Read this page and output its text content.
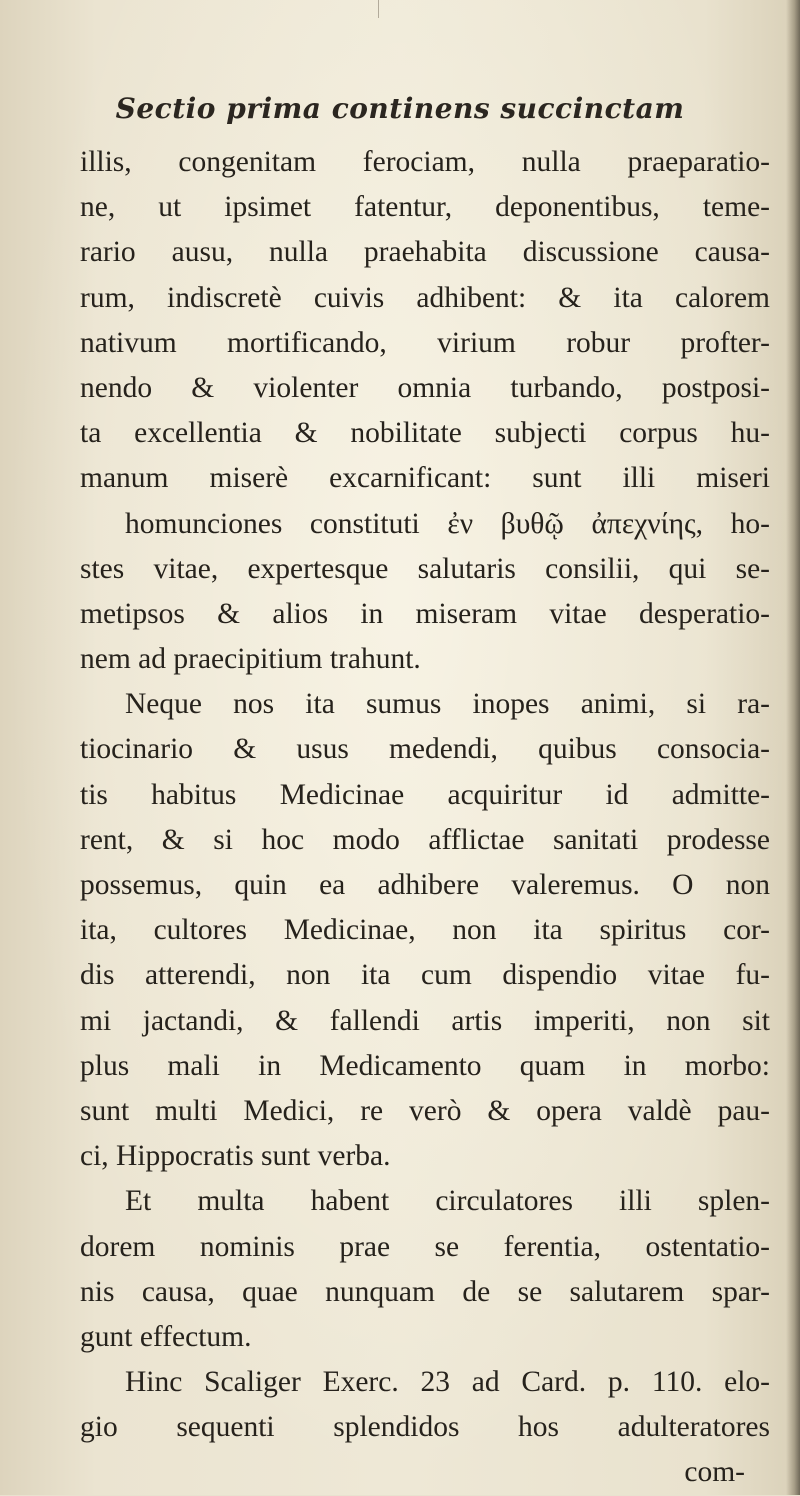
Sectio prima continens succinctam
illis, congenitam ferociam, nulla praeparatio-
ne, ut ipsimet fatentur, deponentibus, teme-
rario ausu, nulla praehabita discussione causa-
rum, indiscretè cuivis adhibent: & ita calorem
nativum mortificando, virium robur profter-
nendo & violenter omnia turbando, postposi-
ta excellentia & nobilitate subjecti corpus hu-
manum miserè excarnificant: sunt illi miseri
homunciones constituti ἐν βυθῷ ἀπεχνίης, ho-
stes vitae, expertesque salutaris consilii, qui se-
metipsos & alios in miseram vitae desperatio-
nem ad praecipitium trahunt.
Neque nos ita sumus inopes animi, si ra-
tiocinario & usus medendi, quibus consocia-
tis habitus Medicinae acquiritur id admitte-
rent, & si hoc modo afflictae sanitati prodesse
possemus, quin ea adhibere valeremus. O non
ita, cultores Medicinae, non ita spiritus cor-
dis atterendi, non ita cum dispendio vitae fu-
mi jactandi, & fallendi artis imperiti, non sit
plus mali in Medicamento quam in morbo:
sunt multi Medici, re verò & opera valdè pau-
ci, Hippocratis sunt verba.
Et multa habent circulatores illi splen-
dorem nominis prae se ferentia, ostentatio-
nis causa, quae nunquam de se salutarem spar-
gunt effectum.
Hinc Scaliger Exerc. 23 ad Card. p. 110. elo-
gio sequenti splendidos hos adulteratores
com-
